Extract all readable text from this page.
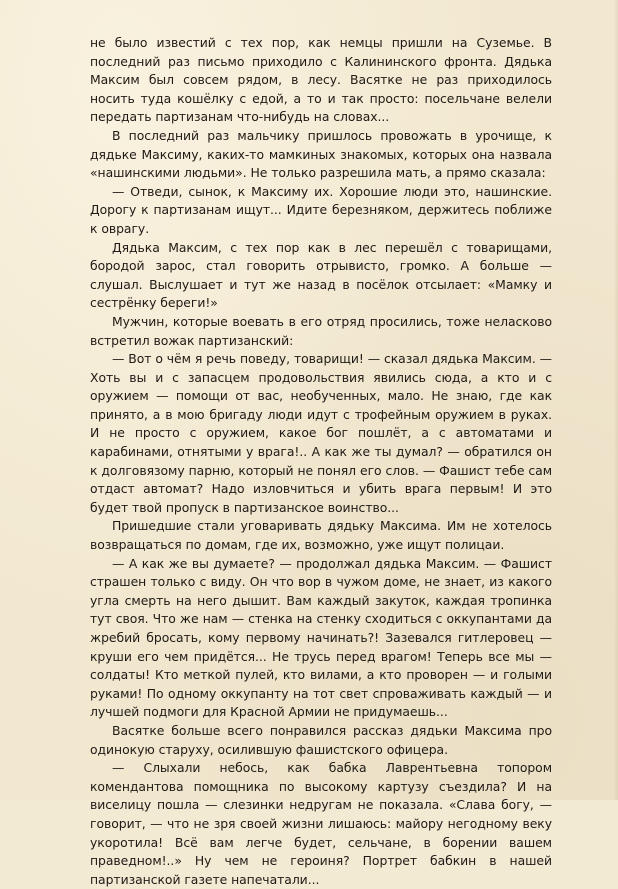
не было известий с тех пор, как немцы пришли на Суземье. В последний раз письмо приходило с Калининского фронта. Дядька Максим был совсем рядом, в лесу. Васятке не раз приходилось носить туда кошёлку с едой, а то и так просто: посельчане велели передать партизанам что-нибудь на словах...

В последний раз мальчику пришлось провожать в урочище, к дядьке Максиму, каких-то мамкиных знакомых, которых она назвала «нашинскими людьми». Не только разрешила мать, а прямо сказала:

— Отведи, сынок, к Максиму их. Хорошие люди это, нашинские. Дорогу к партизанам ищут... Идите березняком, держитесь поближе к оврагу.

Дядька Максим, с тех пор как в лес перешёл с товарищами, бородой зарос, стал говорить отрывисто, громко. А больше — слушал. Выслушает и тут же назад в посёлок отсылает: «Мамку и сестрёнку береги!»

Мужчин, которые воевать в его отряд просились, тоже неласково встретил вожак партизанский:

— Вот о чём я речь поведу, товарищи! — сказал дядька Максим. — Хоть вы и с запасцем продовольствия явились сюда, а кто и с оружием — помощи от вас, необученных, мало. Не знаю, где как принято, а в мою бригаду люди идут с трофейным оружием в руках. И не просто с оружием, какое бог пошлёт, а с автоматами и карабинами, отнятыми у врага!.. А как же ты думал? — обратился он к долговязому парню, который не понял его слов. — Фашист тебе сам отдаст автомат? Надо изловчиться и убить врага первым! И это будет твой пропуск в партизанское воинство...

Пришедшие стали уговаривать дядьку Максима. Им не хотелось возвращаться по домам, где их, возможно, уже ищут полицаи.

— А как же вы думаете? — продолжал дядька Максим. — Фашист страшен только с виду. Он что вор в чужом доме, не знает, из какого угла смерть на него дышит. Вам каждый закуток, каждая тропинка тут своя. Что же нам — стенка на стенку сходиться с оккупантами да жребий бросать, кому первому начинать?! Зазевался гитлеровец — круши его чем придётся... Не трусь перед врагом! Теперь все мы — солдаты! Кто меткой пулей, кто вилами, а кто проворен — и голыми руками! По одному оккупанту на тот свет спроваживать каждый — и лучшей подмоги для Красной Армии не придумаешь...

Васятке больше всего понравился рассказ дядьки Максима про одинокую старуху, осилившую фашистского офицера.

— Слыхали небось, как бабка Лаврентьевна топором комендантова помощника по высокому картузу съездила? И на виселицу пошла — слезинки недругам не показала. «Слава богу, — говорит, — что не зря своей жизни лишаюсь: майору негодному веку укоротила! Всё вам легче будет, сельчане, в борении вашем праведном!..» Ну чем не героиня? Портрет бабкин в нашей партизанской газете напечатали...
